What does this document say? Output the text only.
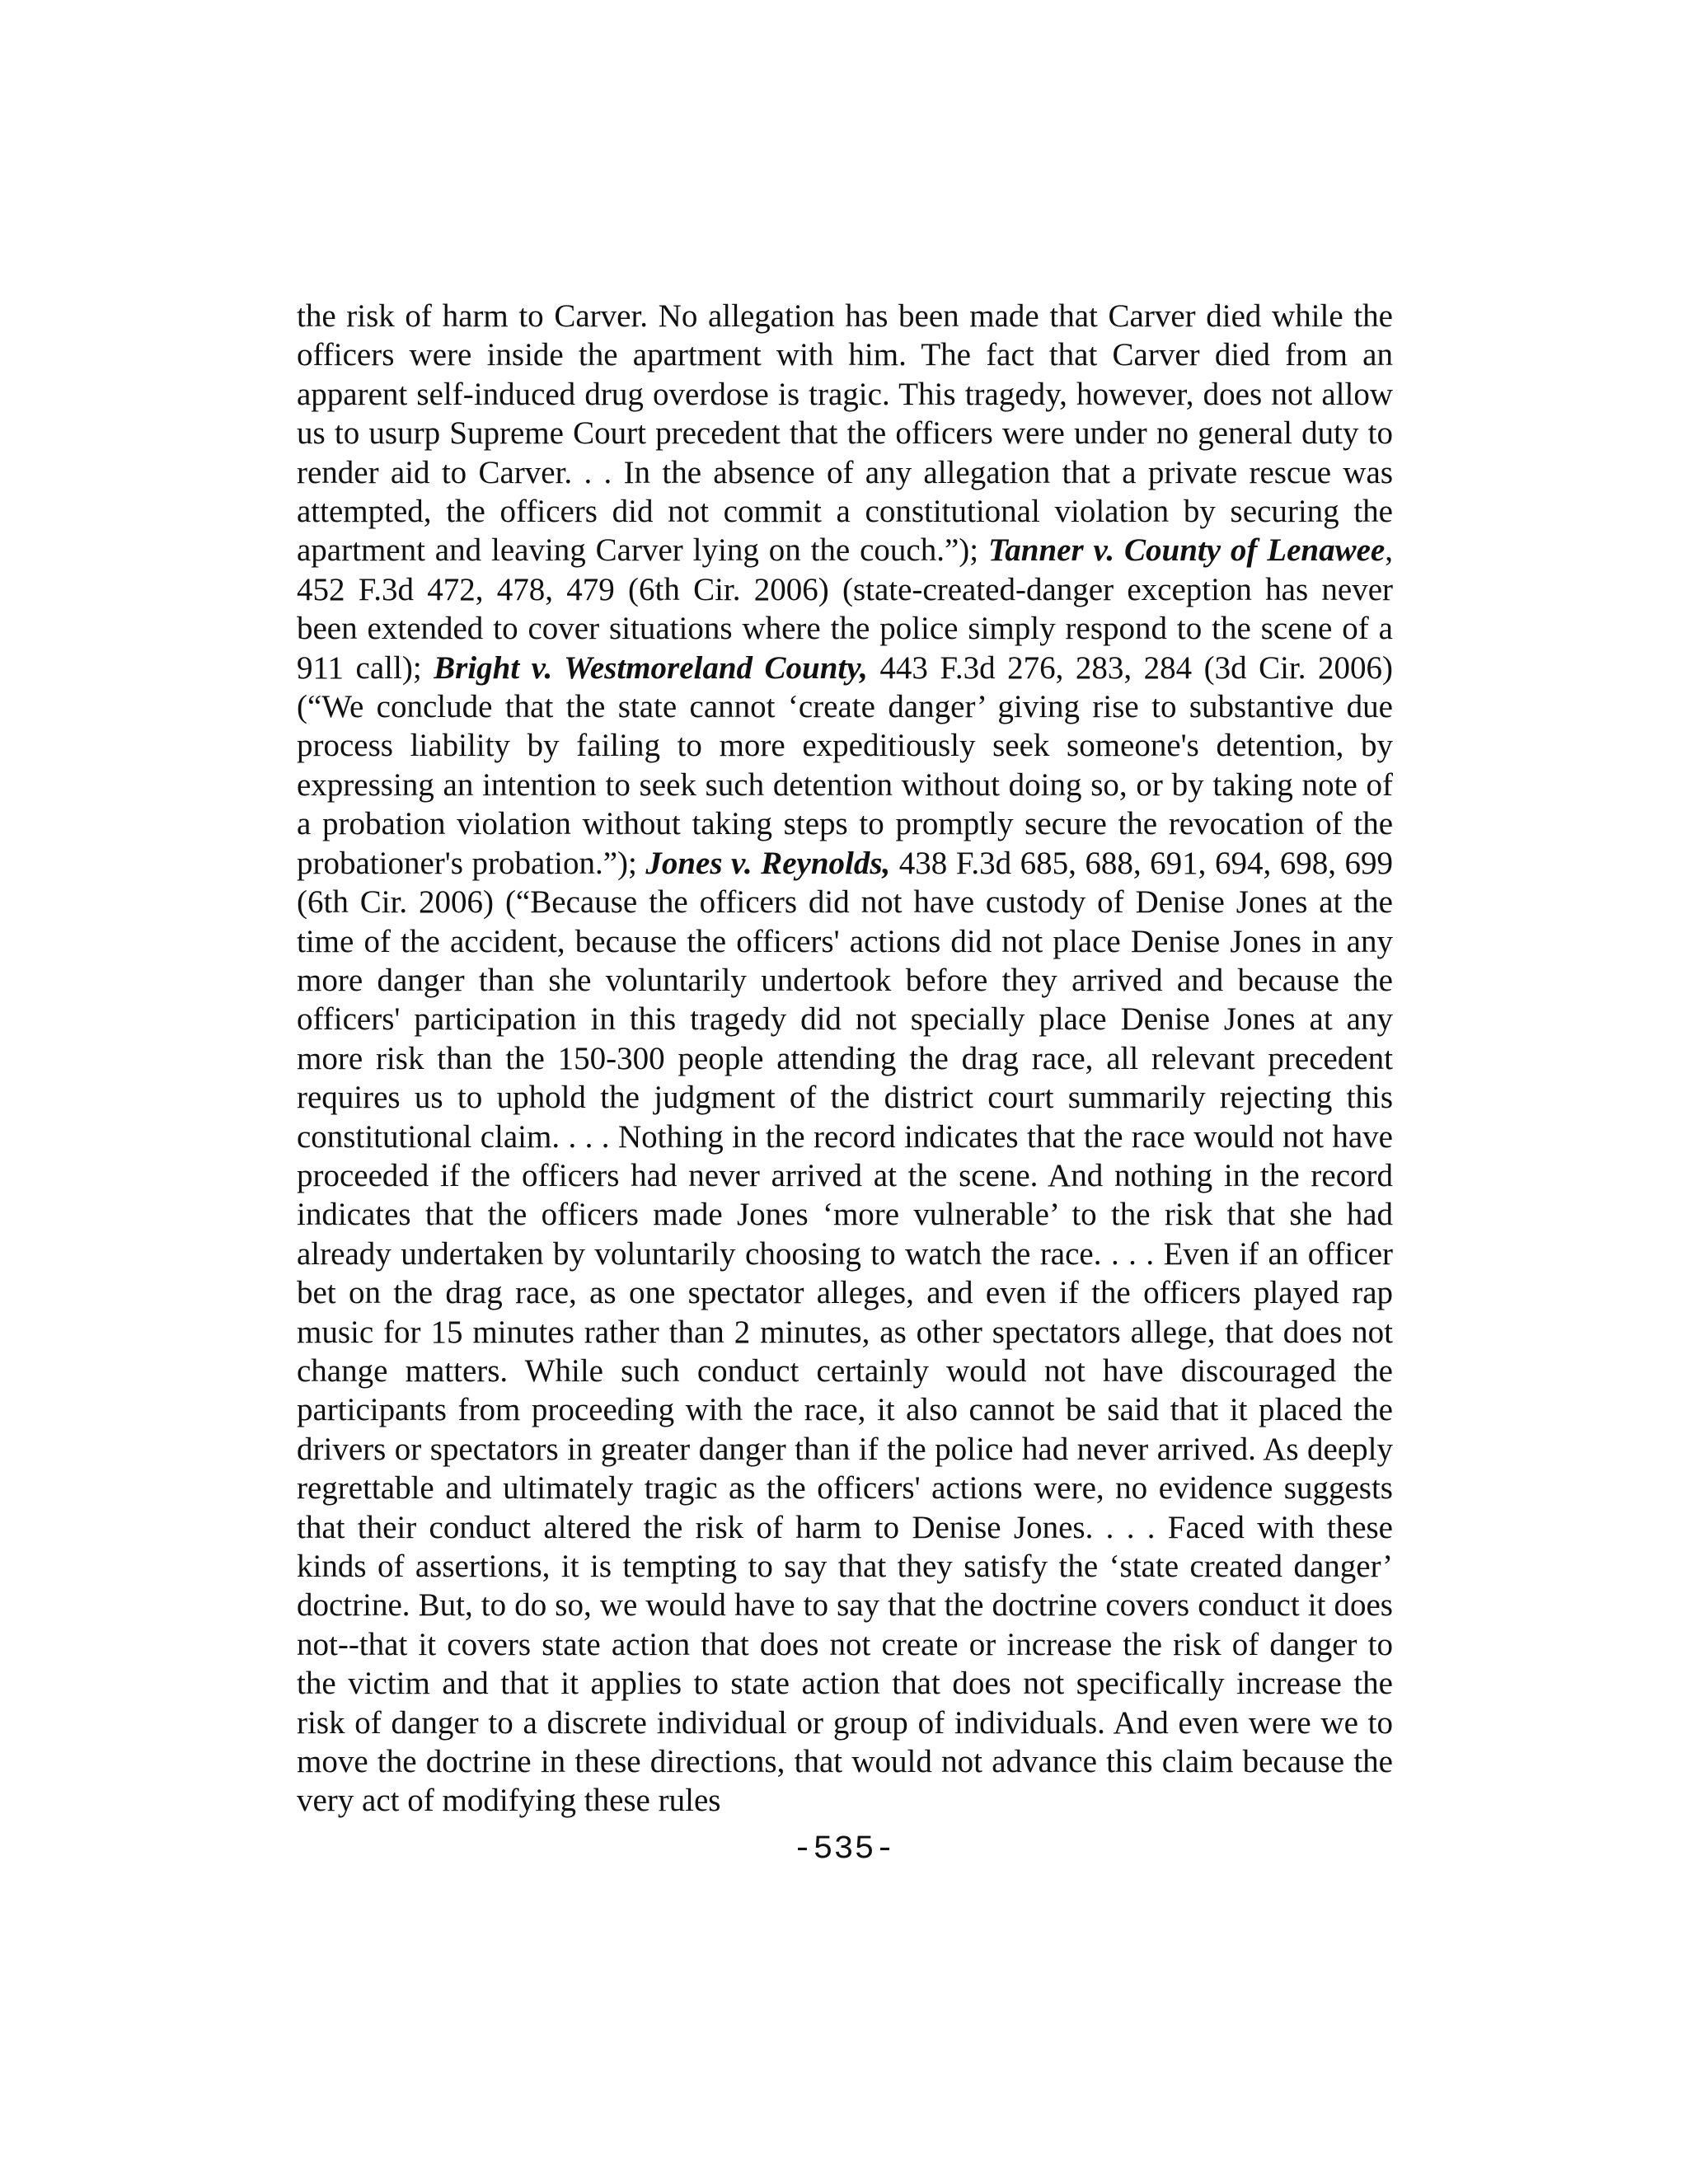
the risk of harm to Carver. No allegation has been made that Carver died while the officers were inside the apartment with him. The fact that Carver died from an apparent self-induced drug overdose is tragic. This tragedy, however, does not allow us to usurp Supreme Court precedent that the officers were under no general duty to render aid to Carver. . . In the absence of any allegation that a private rescue was attempted, the officers did not commit a constitutional violation by securing the apartment and leaving Carver lying on the couch.”); Tanner v. County of Lenawee, 452 F.3d 472, 478, 479 (6th Cir. 2006) (state-created-danger exception has never been extended to cover situations where the police simply respond to the scene of a 911 call); Bright v. Westmoreland County, 443 F.3d 276, 283, 284 (3d Cir. 2006) (“We conclude that the state cannot ‘create danger’ giving rise to substantive due process liability by failing to more expeditiously seek someone's detention, by expressing an intention to seek such detention without doing so, or by taking note of a probation violation without taking steps to promptly secure the revocation of the probationer's probation.”); Jones v. Reynolds, 438 F.3d 685, 688, 691, 694, 698, 699 (6th Cir. 2006) (“Because the officers did not have custody of Denise Jones at the time of the accident, because the officers' actions did not place Denise Jones in any more danger than she voluntarily undertook before they arrived and because the officers' participation in this tragedy did not specially place Denise Jones at any more risk than the 150-300 people attending the drag race, all relevant precedent requires us to uphold the judgment of the district court summarily rejecting this constitutional claim. . . . Nothing in the record indicates that the race would not have proceeded if the officers had never arrived at the scene. And nothing in the record indicates that the officers made Jones ‘more vulnerable’ to the risk that she had already undertaken by voluntarily choosing to watch the race. . . . Even if an officer bet on the drag race, as one spectator alleges, and even if the officers played rap music for 15 minutes rather than 2 minutes, as other spectators allege, that does not change matters. While such conduct certainly would not have discouraged the participants from proceeding with the race, it also cannot be said that it placed the drivers or spectators in greater danger than if the police had never arrived. As deeply regrettable and ultimately tragic as the officers' actions were, no evidence suggests that their conduct altered the risk of harm to Denise Jones. . . . Faced with these kinds of assertions, it is tempting to say that they satisfy the ‘state created danger’ doctrine. But, to do so, we would have to say that the doctrine covers conduct it does not--that it covers state action that does not create or increase the risk of danger to the victim and that it applies to state action that does not specifically increase the risk of danger to a discrete individual or group of individuals. And even were we to move the doctrine in these directions, that would not advance this claim because the very act of modifying these rules

-535-
